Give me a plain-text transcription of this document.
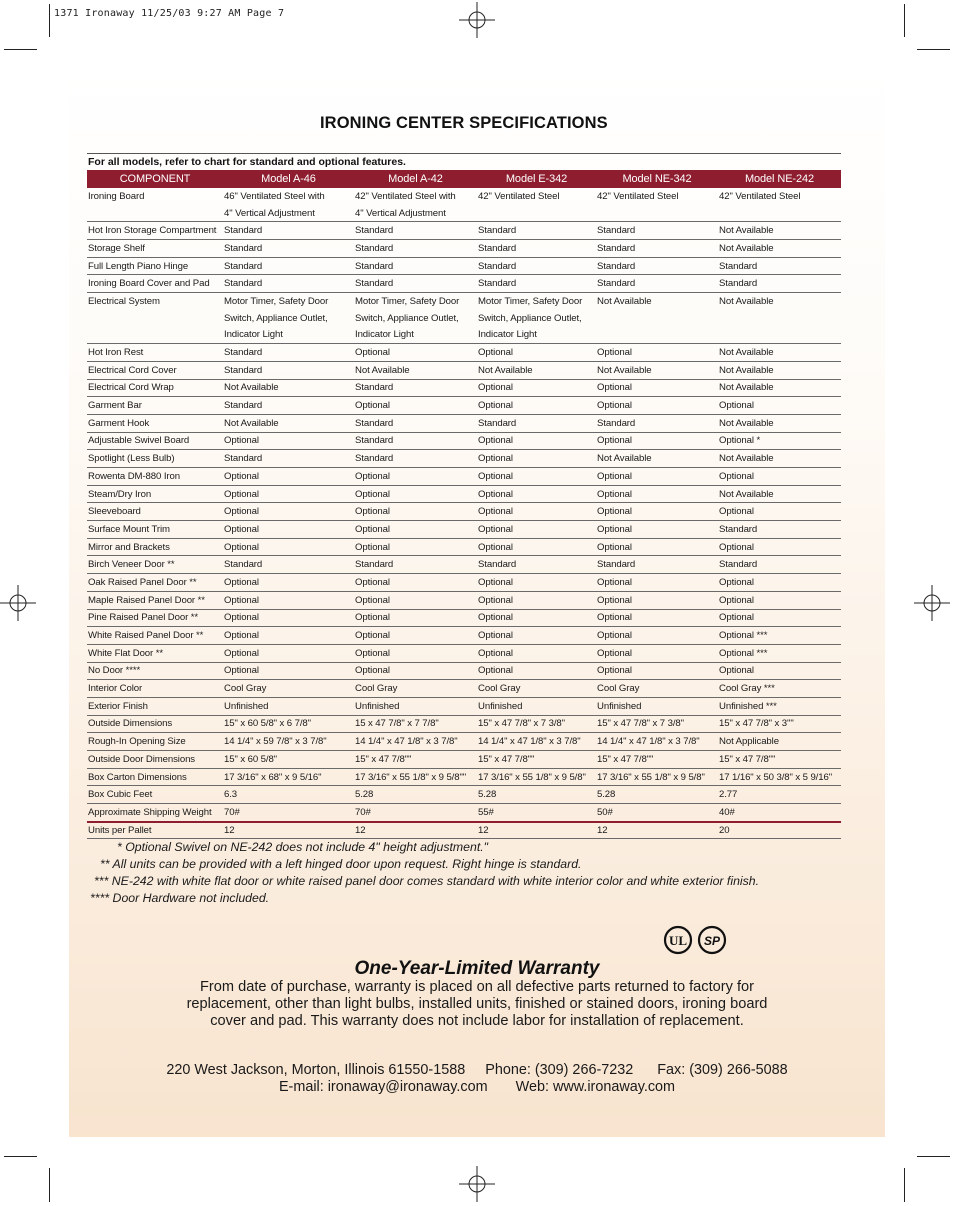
1371 Ironaway 11/25/03 9:27 AM Page 7
IRONING CENTER SPECIFICATIONS
For all models, refer to chart for standard and optional features.
COMPONENT	Model A-46	Model A-42	Model E-342	Model NE-342	Model NE-242
Ironing Board	46" Ventilated Steel with	42" Ventilated Steel with	42" Ventilated Steel	42" Ventilated Steel	42" Ventilated Steel
	4" Vertical Adjustment	4" Vertical Adjustment			
Hot Iron Storage Compartment	Standard	Standard	Standard	Standard	Not Available
Storage Shelf	Standard	Standard	Standard	Standard	Not Available
Full Length Piano Hinge	Standard	Standard	Standard	Standard	Standard
Ironing Board Cover and Pad	Standard	Standard	Standard	Standard	Standard
Electrical System	Motor Timer, Safety Door	Motor Timer, Safety Door	Motor Timer, Safety Door	Not Available	Not Available
	Switch, Appliance Outlet,	Switch, Appliance Outlet,	Switch, Appliance Outlet,		
	Indicator Light	Indicator Light	Indicator Light		
Hot Iron Rest	Standard	Optional	Optional	Optional	Not Available
Electrical Cord Cover	Standard	Not Available	Not Available	Not Available	Not Available
Electrical Cord Wrap	Not Available	Standard	Optional	Optional	Not Available
Garment Bar	Standard	Optional	Optional	Optional	Optional
Garment Hook	Not Available	Standard	Standard	Standard	Not Available
Adjustable Swivel Board	Optional	Standard	Optional	Optional	Optional *
Spotlight (Less Bulb)	Standard	Standard	Optional	Not Available	Not Available
Rowenta DM-880 Iron	Optional	Optional	Optional	Optional	Optional
Steam/Dry Iron	Optional	Optional	Optional	Optional	Not Available
Sleeveboard	Optional	Optional	Optional	Optional	Optional
Surface Mount Trim	Optional	Optional	Optional	Optional	Standard
Mirror and Brackets	Optional	Optional	Optional	Optional	Optional
Birch Veneer Door **	Standard	Standard	Standard	Standard	Standard
Oak Raised Panel Door **	Optional	Optional	Optional	Optional	Optional
Maple Raised Panel Door **	Optional	Optional	Optional	Optional	Optional
Pine Raised Panel Door **	Optional	Optional	Optional	Optional	Optional
White Raised Panel Door **	Optional	Optional	Optional	Optional	Optional ***
White Flat Door **	Optional	Optional	Optional	Optional	Optional ***
No Door ****	Optional	Optional	Optional	Optional	Optional
Interior Color	Cool Gray	Cool Gray	Cool Gray	Cool Gray	Cool Gray ***
Exterior Finish	Unfinished	Unfinished	Unfinished	Unfinished	Unfinished ***
Outside Dimensions	15" x 60 5/8" x 6 7/8"	15 x 47 7/8" x 7 7/8"	15" x 47 7/8" x 7 3/8"	15" x 47 7/8" x 7 3/8"	15" x 47 7/8" x 3""
Rough-In Opening Size	14 1/4" x 59 7/8" x 3 7/8"	14 1/4" x 47 1/8" x 3 7/8"	14 1/4" x 47 1/8" x 3 7/8"	14 1/4" x 47 1/8" x 3 7/8"	Not Applicable
Outside Door Dimensions	15" x 60 5/8"	15" x 47 7/8""	15" x 47 7/8""	15" x 47 7/8""	15" x 47 7/8""
Box Carton Dimensions	17 3/16" x 68" x 9 5/16"	17 3/16" x 55 1/8" x 9 5/8""	17 3/16" x 55 1/8" x 9 5/8"	17 3/16" x 55 1/8" x 9 5/8"	17 1/16" x 50 3/8" x 5 9/16"
Box Cubic Feet	6.3	5.28	5.28	5.28	2.77
Approximate Shipping Weight	70#	70#	55#	50#	40#
Units per Pallet	12	12	12	12	20
* Optional Swivel on NE-242 does not include 4" height adjustment."
** All units can be provided with a left hinged door upon request. Right hinge is standard.
*** NE-242 with white flat door or white raised panel door comes standard with white interior color and white exterior finish.
**** Door Hardware not included.
UL SP
One-Year-Limited Warranty
From date of purchase, warranty is placed on all defective parts returned to factory for
replacement, other than light bulbs, installed units, finished or stained doors, ironing board
cover and pad. This warranty does not include labor for installation of replacement.
220 West Jackson, Morton, Illinois 61550-1588 Phone: (309) 266-7232 Fax: (309) 266-5088
E-mail: ironaway@ironaway.com Web: www.ironaway.com
